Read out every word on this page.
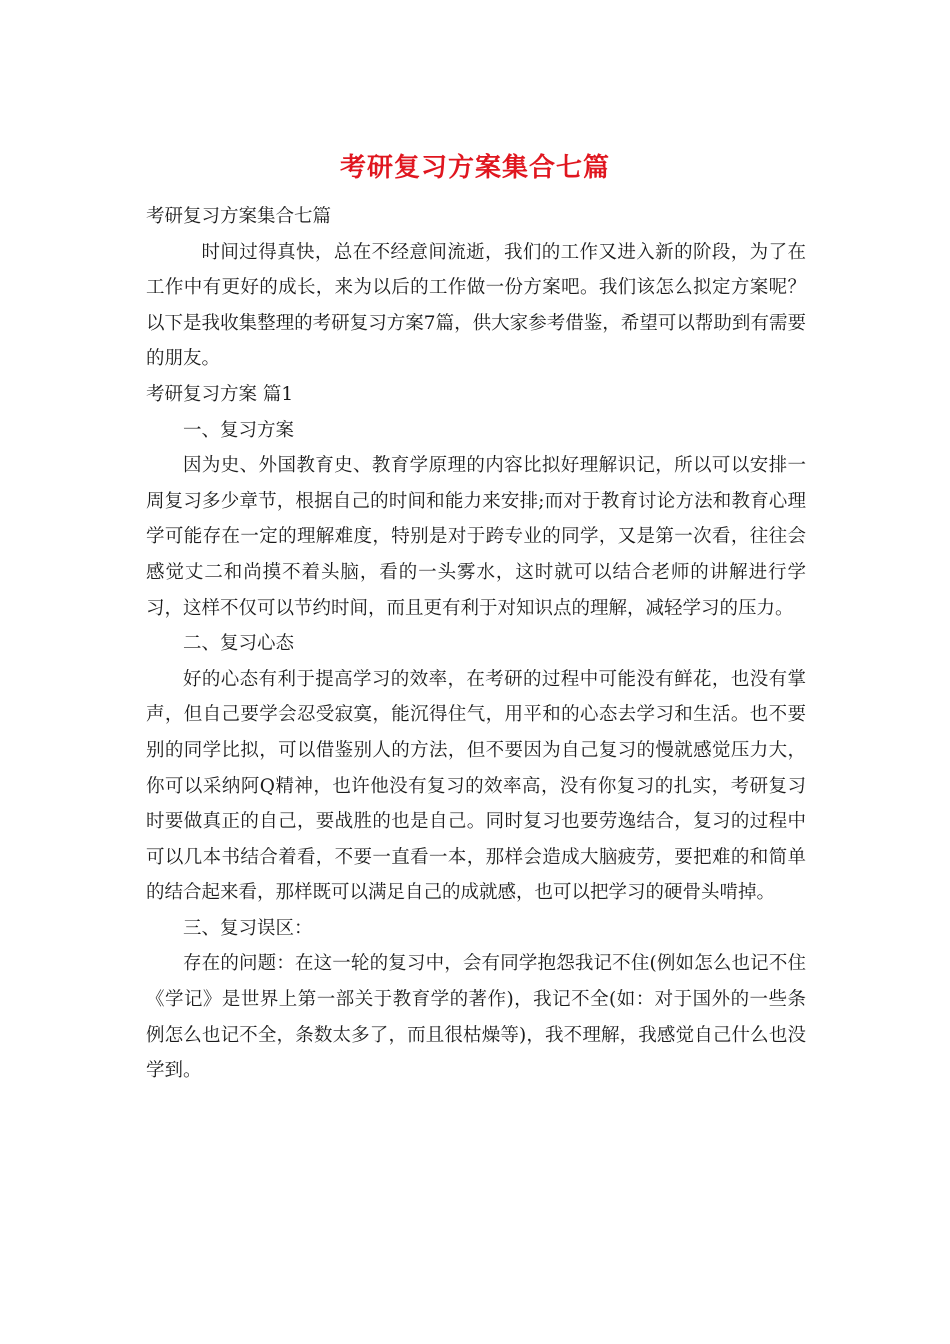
考研复习方案集合七篇

考研复习方案集合七篇

时间过得真快，总在不经意间流逝，我们的工作又进入新的阶段，为了在工作中有更好的成长，来为以后的工作做一份方案吧。我们该怎么拟定方案呢？以下是我收集整理的考研复习方案7篇，供大家参考借鉴，希望可以帮助到有需要的朋友。

考研复习方案 篇1

一、复习方案

因为史、外国教育史、教育学原理的内容比拟好理解识记，所以可以安排一周复习多少章节，根据自己的时间和能力来安排;而对于教育讨论方法和教育心理学可能存在一定的理解难度，特别是对于跨专业的同学，又是第一次看，往往会感觉丈二和尚摸不着头脑，看的一头雾水，这时就可以结合老师的讲解进行学习，这样不仅可以节约时间，而且更有利于对知识点的理解，减轻学习的压力。

二、复习心态

好的心态有利于提高学习的效率，在考研的过程中可能没有鲜花，也没有掌声，但自己要学会忍受寂寞，能沉得住气，用平和的心态去学习和生活。也不要别的同学比拟，可以借鉴别人的方法，但不要因为自己复习的慢就感觉压力大，你可以采纳阿Q精神，也许他没有复习的效率高，没有你复习的扎实，考研复习时要做真正的自己，要战胜的也是自己。同时复习也要劳逸结合，复习的过程中可以几本书结合着看，不要一直看一本，那样会造成大脑疲劳，要把难的和简单的结合起来看，那样既可以满足自己的成就感，也可以把学习的硬骨头啃掉。

三、复习误区：

存在的问题：在这一轮的复习中，会有同学抱怨我记不住(例如怎么也记不住《学记》是世界上第一部关于教育学的著作)，我记不全(如：对于国外的一些条例怎么也记不全，条数太多了，而且很枯燥等)，我不理解，我感觉自己什么也没学到。
